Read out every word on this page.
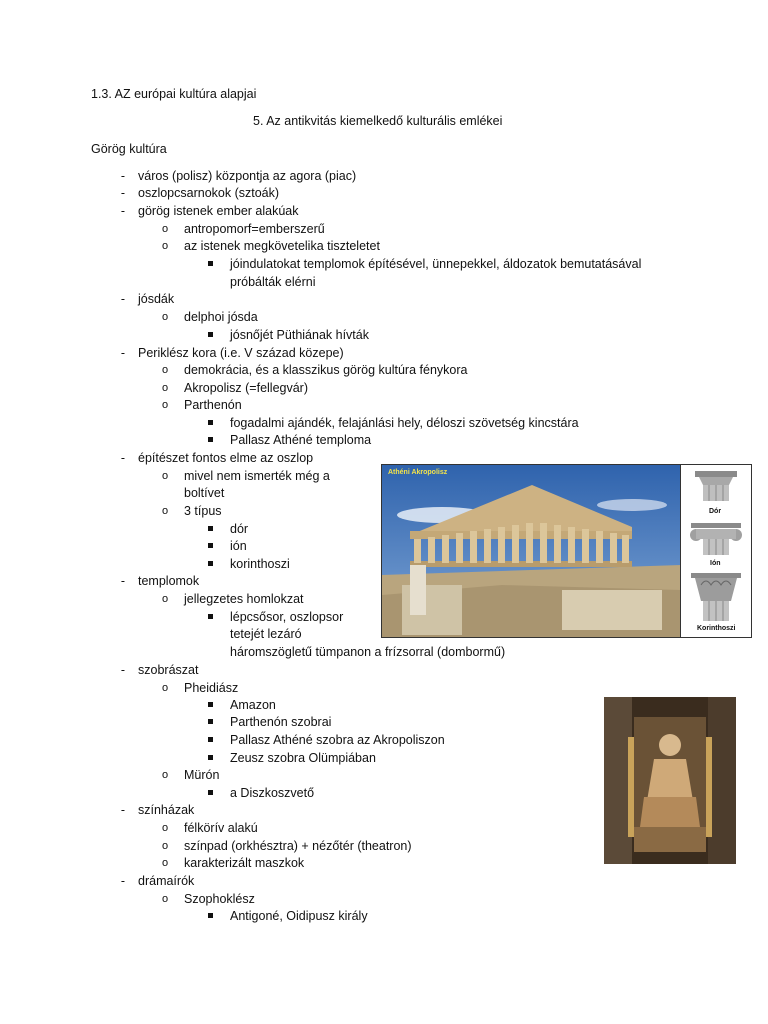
1.3. AZ európai kultúra alapjai
5. Az antikvitás kiemelkedő kulturális emlékei
Görög kultúra
- város (polisz) központja az agora (piac)
- oszlopcsarnokok (sztoák)
- görög istenek ember alakúak
o antropomorf=emberszerű
o az istenek megkövetelika tiszteletet
jóindulatokat templomok építésével, ünnepekkel, áldozatok bemutatásával
próbálták elérni
- jósdák
o delphoi jósda
jósnőjét Püthiának hívták
- Periklész kora (i.e. V század közepe)
o demokrácia, és a klasszikus görög kultúra fénykora
o Akropolisz (=fellegvár)
o Parthenón
fogadalmi ajándék, felajánlási hely, déloszi szövetség kincstára
Pallasz Athéné temploma
- építészet fontos elme az oszlop
o mivel nem ismerték még a
boltívet
o 3 típus
dór
ión
korinthoszi
- templomok
o jellegzetes homlokzat
lépcsősor, oszlopsor
tetejét lezáró
háromszögletű tümpanon a frízsorral (dombormű)
- szobrászat
o Pheidiász
Amazon
Parthenón szobrai
Pallasz Athéné szobra az Akropoliszon
Zeusz szobra Olümpiában
o Mürón
a Diszkoszvető
- színházak
o félkörív alakú
o színpad (orkhésztra) + nézőtér (theatron)
o karakterizált maszkok
- drámaírók
o Szophoklész
Antigoné, Oidipusz király
Athéni Akropolisz
Dór
Ión
Korinthoszi
